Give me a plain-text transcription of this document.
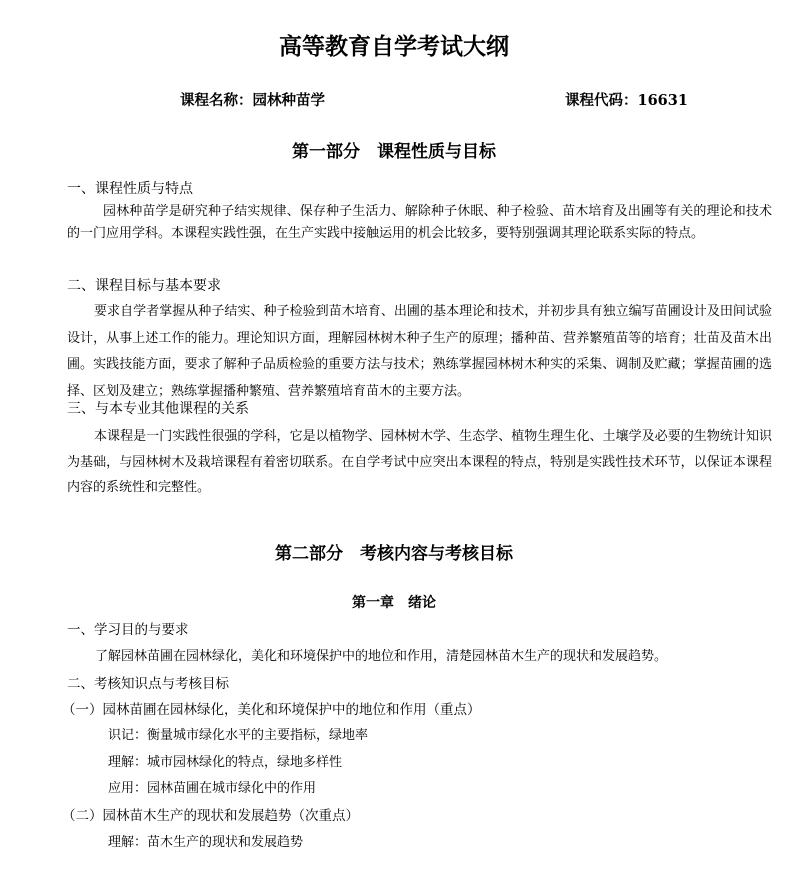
高等教育自学考试大纲
课程名称：园林种苗学	课程代码：16631
第一部分　课程性质与目标
一、课程性质与特点
园林种苗学是研究种子结实规律、保存种子生活力、解除种子休眠、种子检验、苗木培育及出圃等有关的理论和技术的一门应用学科。本课程实践性强，在生产实践中接触运用的机会比较多，要特别强调其理论联系实际的特点。
二、课程目标与基本要求
要求自学者掌握从种子结实、种子检验到苗木培育、出圃的基本理论和技术，并初步具有独立编写苗圃设计及田间试验设计，从事上述工作的能力。理论知识方面，理解园林树木种子生产的原理；播种苗、营养繁殖苗等的培育；壮苗及苗木出圃。实践技能方面，要求了解种子品质检验的重要方法与技术；熟练掌握园林树木种实的采集、调制及贮藏；掌握苗圃的选择、区划及建立；熟练掌握播种繁殖、营养繁殖培育苗木的主要方法。
三、与本专业其他课程的关系
本课程是一门实践性很强的学科，它是以植物学、园林树木学、生态学、植物生理生化、土壤学及必要的生物统计知识为基础，与园林树木及栽培课程有着密切联系。在自学考试中应突出本课程的特点，特别是实践性技术环节，以保证本课程内容的系统性和完整性。
第二部分　考核内容与考核目标
第一章　绪论
一、学习目的与要求
了解园林苗圃在园林绿化，美化和环境保护中的地位和作用，清楚园林苗木生产的现状和发展趋势。
二、考核知识点与考核目标
（一）园林苗圃在园林绿化，美化和环境保护中的地位和作用（重点）
识记：衡量城市绿化水平的主要指标，绿地率
理解：城市园林绿化的特点，绿地多样性
应用：园林苗圃在城市绿化中的作用
（二）园林苗木生产的现状和发展趋势（次重点）
理解：苗木生产的现状和发展趋势
